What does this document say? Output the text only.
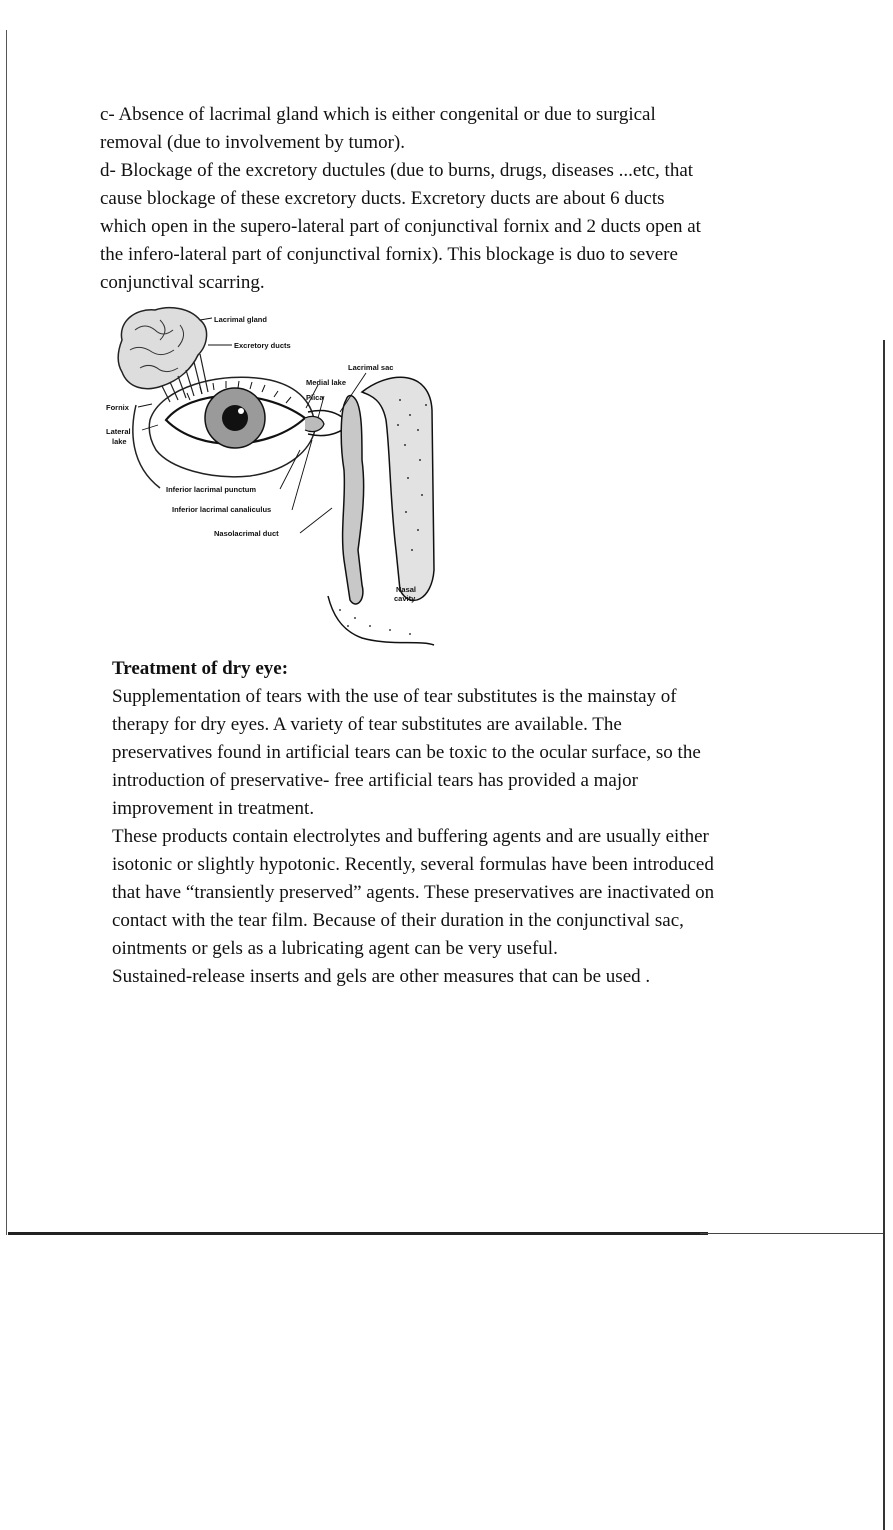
c- Absence of lacrimal gland which is either congenital or due to surgical
removal (due to involvement by tumor).
d- Blockage of the excretory ductules (due to burns, drugs, diseases ...etc, that
cause blockage of these excretory ducts. Excretory ducts are about 6 ducts
which open in the supero-lateral part of conjunctival fornix and 2 ducts open at
the infero-lateral part of conjunctival fornix). This blockage is duo to severe
conjunctival scarring.
Lacrimal gland
Excretory ducts
Lacrimal sac
Medial lake
Plica
Fornix
Lateral
lake
Inferior lacrimal punctum
Inferior lacrimal canaliculus
Nasolacrimal duct
Nasal
cavity
Treatment of dry eye:
Supplementation of tears with the use of tear substitutes is the mainstay of
therapy for dry eyes. A variety of tear substitutes are available. The
preservatives found in artificial tears can be toxic to the ocular surface, so the
introduction of preservative- free artificial tears has provided a major
improvement in treatment.
These products contain electrolytes and buffering agents and are usually either
isotonic or slightly hypotonic. Recently, several formulas have been introduced
that have “transiently preserved” agents. These preservatives are inactivated on
contact with the tear film. Because of their duration in the conjunctival sac,
ointments or gels as a lubricating agent can be very useful.
Sustained-release inserts and gels are other measures that can be used .
